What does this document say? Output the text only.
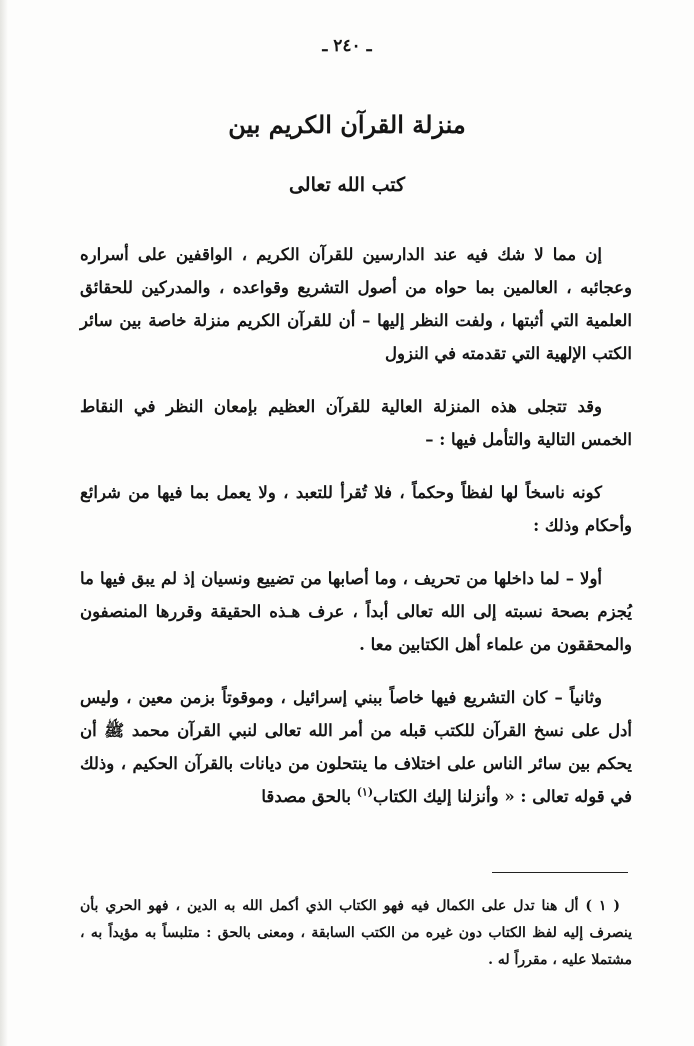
ـ ٢٤٠ ـ
منزلة القرآن الكريم بين
كتب الله تعالى

إن مما لا شك فيه عند الدارسين للقرآن الكريم ، الواقفين على أسراره وعجائبه ، العالمين بما حواه من أصول التشريع وقواعده ، والمدركين للحقائق العلمية التي أثبتها ، ولفت النظر إليها – أن للقرآن الكريم منزلة خاصة بين سائر الكتب الإلهية التي تقدمته في النزول

وقد تتجلى هذه المنزلة العالية للقرآن العظيم بإمعان النظر في النقاط الخمس التالية والتأمل فيها : –

كونه ناسخاً لها لفظاً وحكماً ، فلا تُقرأ للتعبد ، ولا يعمل بما فيها من شرائع وأحكام وذلك :

أولا – لما داخلها من تحريف ، وما أصابها من تضييع ونسيان إذ لم يبق فيها ما يُجزم بصحة نسبته إلى الله تعالى أبداً ، عرف هـذه الحقيقة وقررها المنصفون والمحققون من علماء أهل الكتابين معا .

وثانياً – كان التشريع فيها خاصاً ببني إسرائيل ، وموقوتاً بزمن معين ، وليس أدل على نسخ القرآن للكتب قبله من أمر الله تعالى لنبي القرآن محمد ﷺ أن يحكم بين سائر الناس على اختلاف ما ينتحلون من ديانات بالقرآن الحكيم ، وذلك في قوله تعالى : « وأنزلنا إليك الكتاب$^{(١)}$ بالحق مصدقا

( ١ ) أل هنا تدل على الكمال فيه فهو الكتاب الذي أكمل الله به الدين ، فهو الحري بأن ينصرف إليه لفظ الكتاب دون غيره من الكتب السابقة ، ومعنى بالحق : متلبساً به مؤيداً به ، مشتملا عليه ، مقرراً له .
